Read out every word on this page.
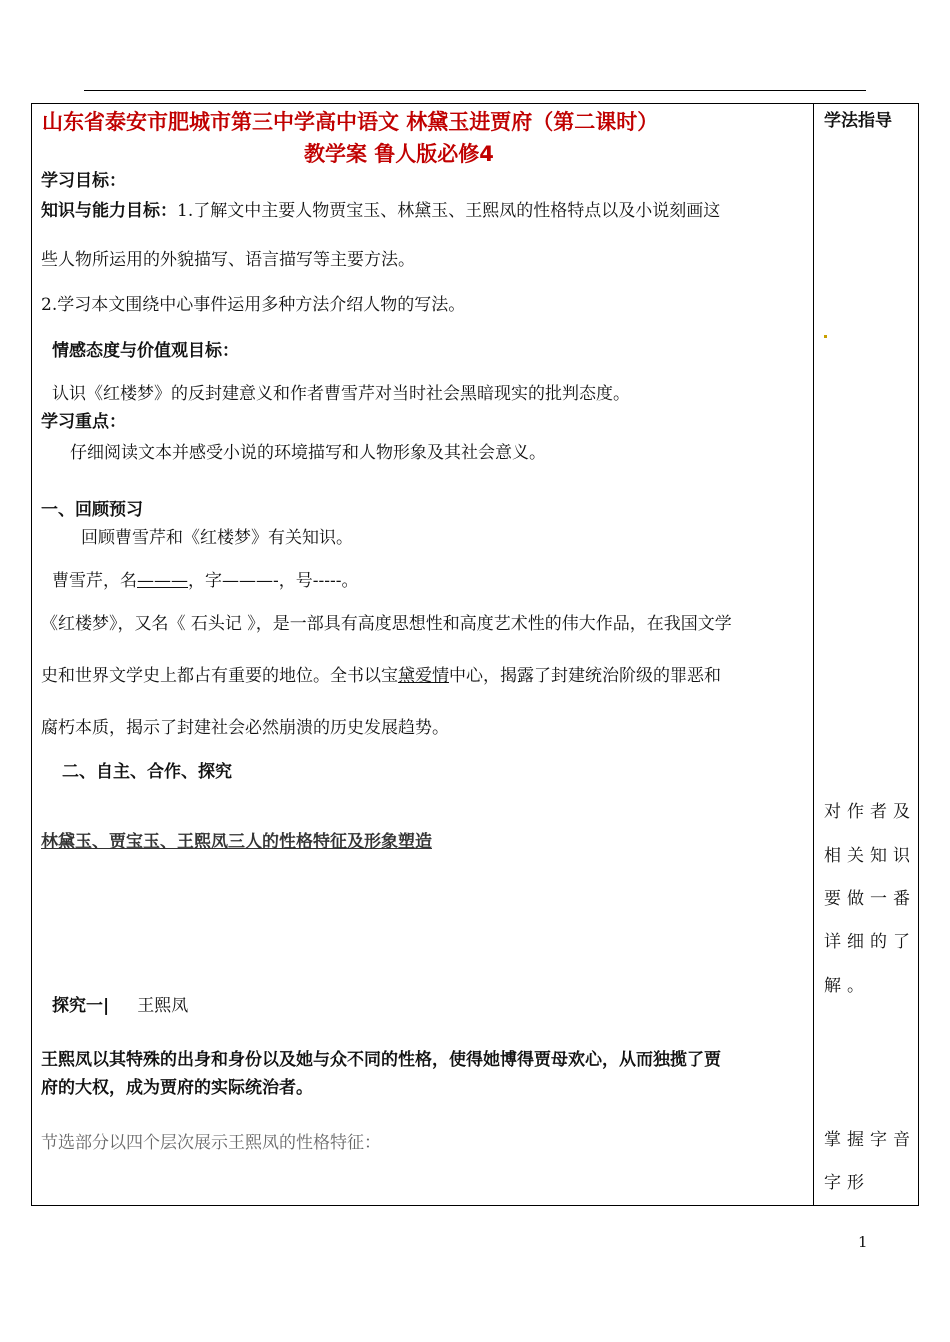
山东省泰安市肥城市第三中学高中语文 林黛玉进贾府（第二课时）
教学案 鲁人版必修4
学习目标：
知识与能力目标：1.了解文中主要人物贾宝玉、林黛玉、王熙凤的性格特点以及小说刻画这
些人物所运用的外貌描写、语言描写等主要方法。
2.学习本文围绕中心事件运用多种方法介绍人物的写法。
情感态度与价值观目标：
认识《红楼梦》的反封建意义和作者曹雪芹对当时社会黑暗现实的批判态度。
学习重点：
仔细阅读文本并感受小说的环境描写和人物形象及其社会意义。
一、回顾预习
回顾曹雪芹和《红楼梦》有关知识。
曹雪芹，名———，字———-，号-----。
《红楼梦》，又名《 石头记 》，是一部具有高度思想性和高度艺术性的伟大作品，在我国文学
史和世界文学史上都占有重要的地位。全书以宝黛爱情中心，揭露了封建统治阶级的罪恶和
腐朽本质，揭示了封建社会必然崩溃的历史发展趋势。
二、自主、合作、探究
林黛玉、贾宝玉、王熙凤三人的性格特征及形象塑造
探究一| 王熙凤
王熙凤以其特殊的出身和身份以及她与众不同的性格，使得她博得贾母欢心，从而独揽了贾
府的大权，成为贾府的实际统治者。
节选部分以四个层次展示王熙凤的性格特征：
学法指导
对作者及
相关知识
要做一番
详细的了
解。
掌握字音
字形
1
